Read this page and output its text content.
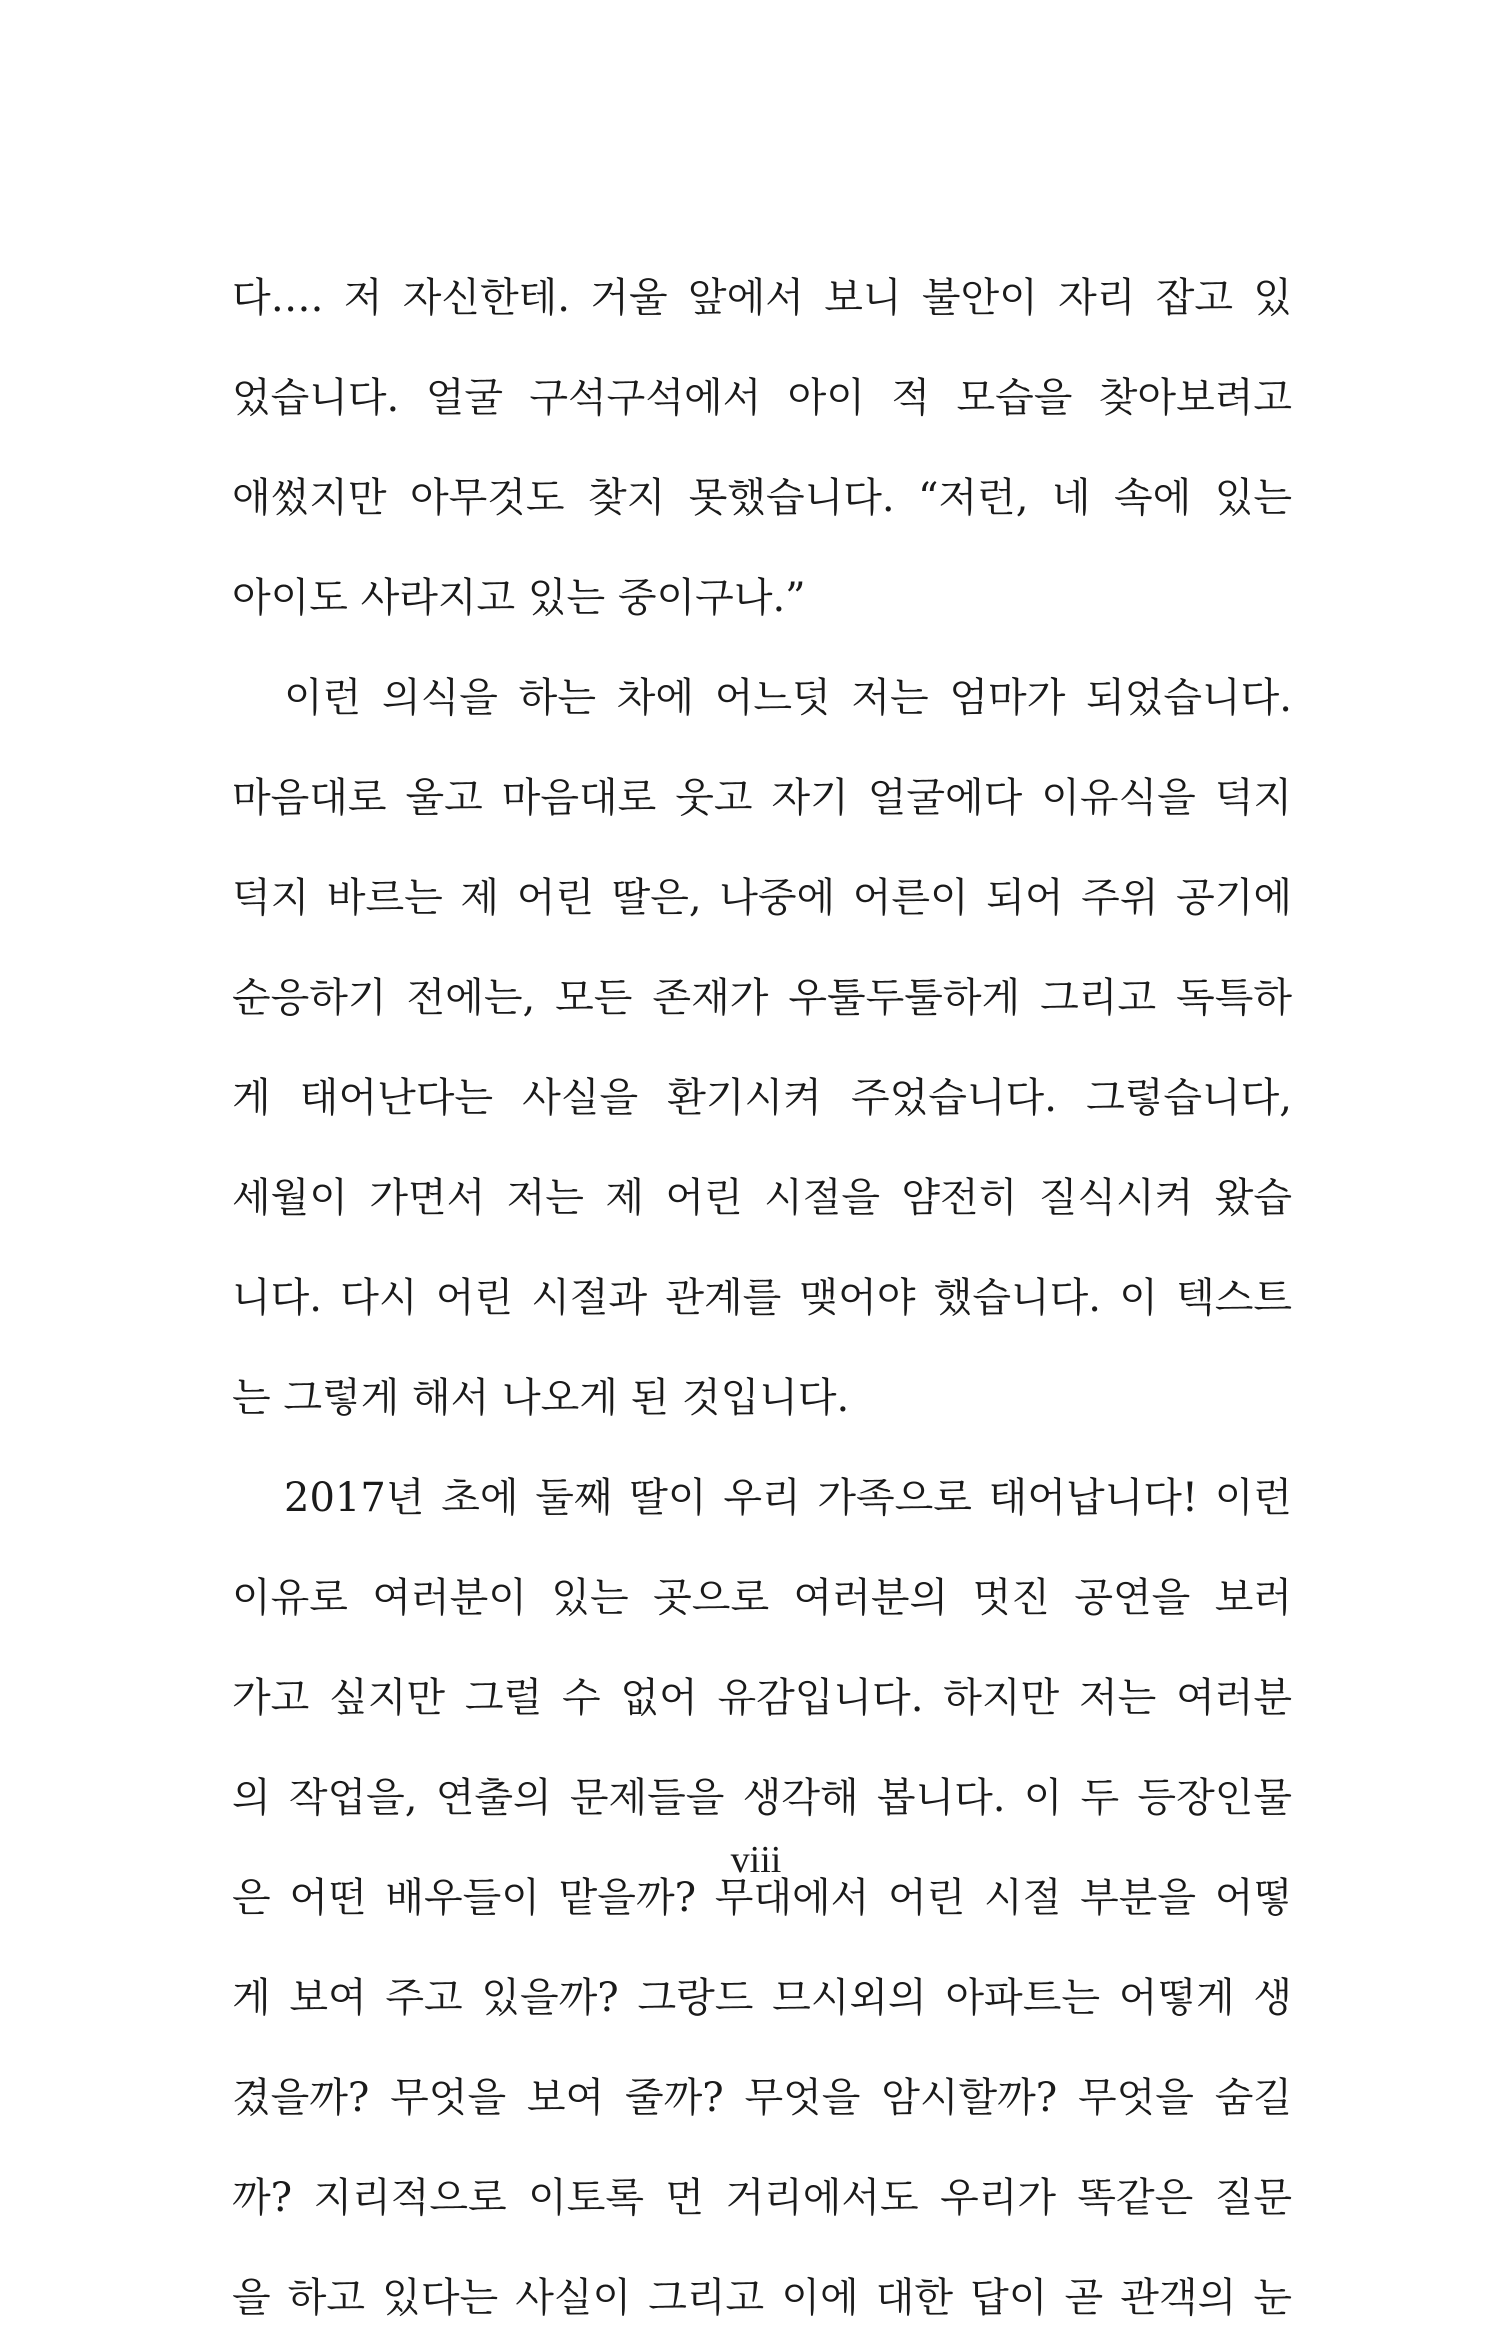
다…. 저 자신한테. 거울 앞에서 보니 불안이 자리 잡고 있
었습니다. 얼굴 구석구석에서 아이 적 모습을 찾아보려고
애썼지만 아무것도 찾지 못했습니다. “저런, 네 속에 있는
아이도 사라지고 있는 중이구나.”
이런 의식을 하는 차에 어느덧 저는 엄마가 되었습니다.
마음대로 울고 마음대로 웃고 자기 얼굴에다 이유식을 덕지
덕지 바르는 제 어린 딸은, 나중에 어른이 되어 주위 공기에
순응하기 전에는, 모든 존재가 우툴두툴하게 그리고 독특하
게 태어난다는 사실을 환기시켜 주었습니다. 그렇습니다,
세월이 가면서 저는 제 어린 시절을 얌전히 질식시켜 왔습
니다. 다시 어린 시절과 관계를 맺어야 했습니다. 이 텍스트
는 그렇게 해서 나오게 된 것입니다.
2017년 초에 둘째 딸이 우리 가족으로 태어납니다! 이런
이유로 여러분이 있는 곳으로 여러분의 멋진 공연을 보러
가고 싶지만 그럴 수 없어 유감입니다. 하지만 저는 여러분
의 작업을, 연출의 문제들을 생각해 봅니다. 이 두 등장인물
은 어떤 배우들이 맡을까? 무대에서 어린 시절 부분을 어떻
게 보여 주고 있을까? 그랑드 므시외의 아파트는 어떻게 생
겼을까? 무엇을 보여 줄까? 무엇을 암시할까? 무엇을 숨길
까? 지리적으로 이토록 먼 거리에서도 우리가 똑같은 질문
을 하고 있다는 사실이 그리고 이에 대한 답이 곧 관객의 눈
viii
